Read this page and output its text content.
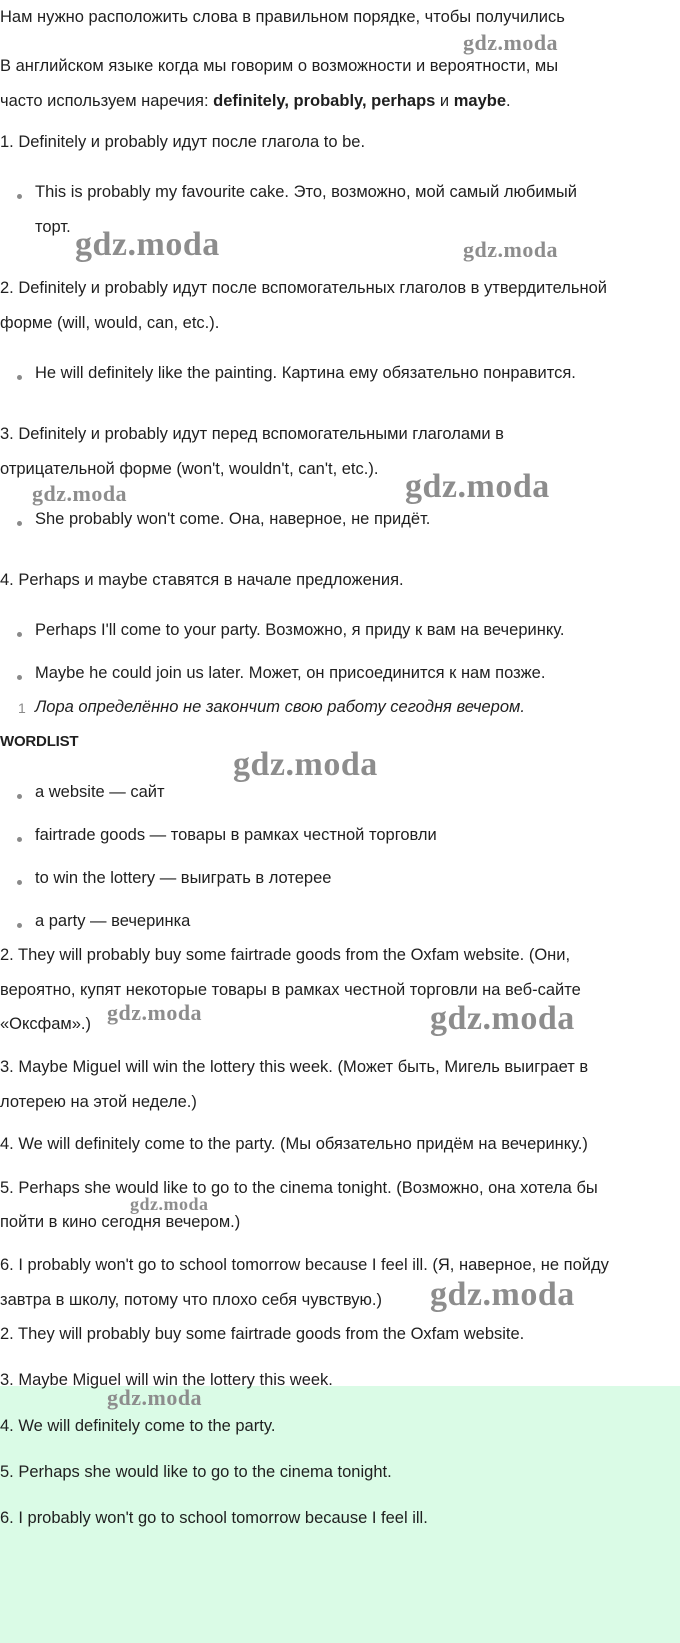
Нам нужно расположить слова в правильном порядке, чтобы получились
В английском языке когда мы говорим о возможности и вероятности, мы
часто используем наречия: definitely, probably, perhaps и maybe.
1. Definitely и probably идут после глагола to be.
This is probably my favourite cake. Это, возможно, мой самый любимый
торт.
2. Definitely и probably идут после вспомогательных глаголов в утвердительной
форме (will, would, can, etc.).
He will definitely like the painting. Картина ему обязательно понравится.
3. Definitely и probably идут перед вспомогательными глаголами в
отрицательной форме (won't, wouldn't, can't, etc.).
She probably won't come. Она, наверное, не придёт.
4. Perhaps и maybe ставятся в начале предложения.
Perhaps I'll come to your party. Возможно, я приду к вам на вечеринку.
Maybe he could join us later. Может, он присоединится к нам позже.
1 Лора определённо не закончит свою работу сегодня вечером.
WORDLIST
a website — сайт
fairtrade goods — товары в рамках честной торговли
to win the lottery — выиграть в лотерее
a party — вечеринка
2. They will probably buy some fairtrade goods from the Oxfam website. (Они,
вероятно, купят некоторые товары в рамках честной торговли на веб-сайте
«Оксфам».)
3. Maybe Miguel will win the lottery this week. (Может быть, Мигель выиграет в
лотерею на этой неделе.)
4. We will definitely come to the party. (Мы обязательно придём на вечеринку.)
5. Perhaps she would like to go to the cinema tonight. (Возможно, она хотела бы
пойти в кино сегодня вечером.)
6. I probably won't go to school tomorrow because I feel ill. (Я, наверное, не пойду
завтра в школу, потому что плохо себя чувствую.)
2. They will probably buy some fairtrade goods from the Oxfam website.
3. Maybe Miguel will win the lottery this week.
4. We will definitely come to the party.
5. Perhaps she would like to go to the cinema tonight.
6. I probably won't go to school tomorrow because I feel ill.
gdz.moda
gdz.moda	gdz.moda
gdz.moda	gdz.moda
gdz.moda
gdz.moda	gdz.moda
gdz.moda
gdz.moda
gdz.moda
